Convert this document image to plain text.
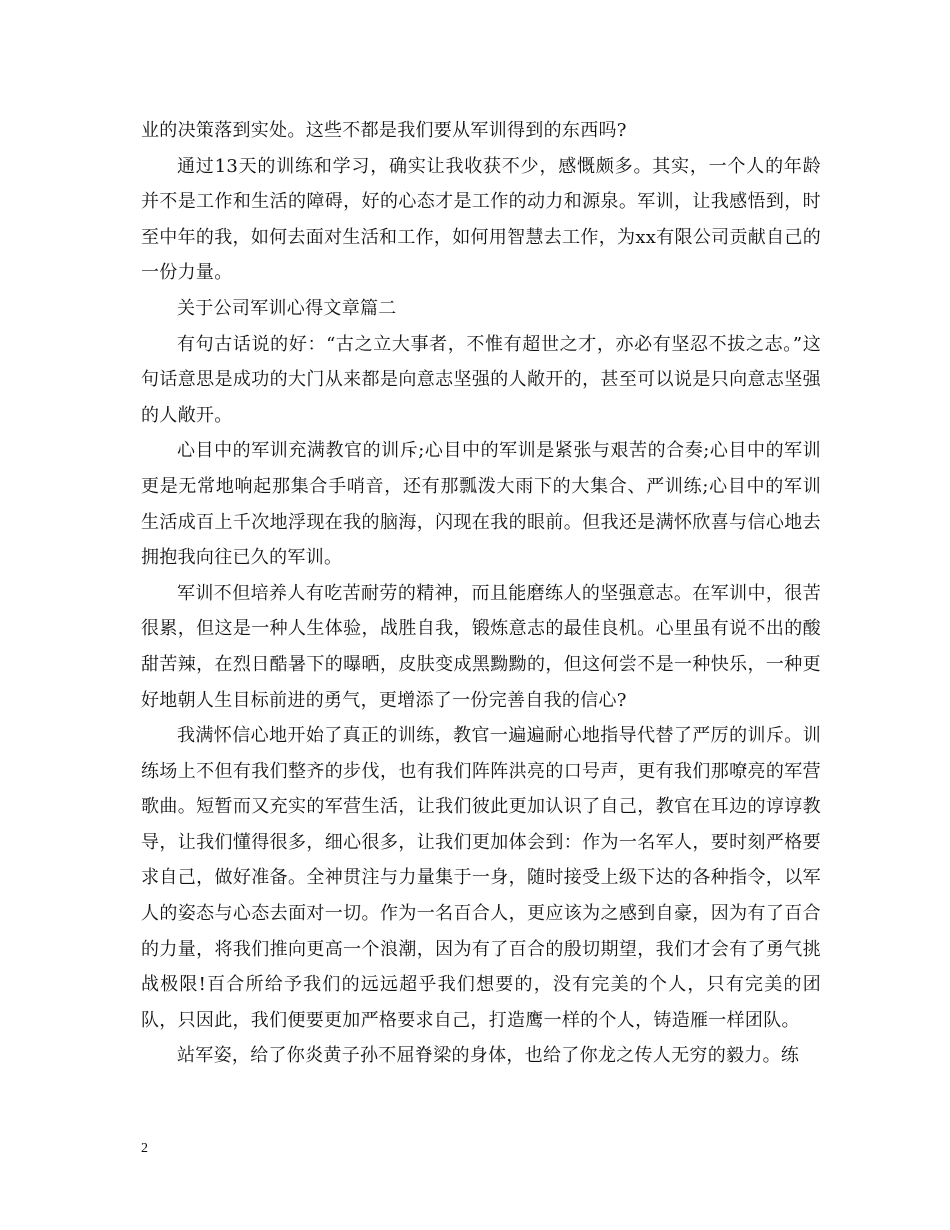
业的决策落到实处。这些不都是我们要从军训得到的东西吗?

通过13天的训练和学习，确实让我收获不少，感慨颇多。其实，一个人的年龄并不是工作和生活的障碍，好的心态才是工作的动力和源泉。军训，让我感悟到，时至中年的我，如何去面对生活和工作，如何用智慧去工作，为xx有限公司贡献自己的一份力量。

关于公司军训心得文章篇二

有句古话说的好：“古之立大事者，不惟有超世之才，亦必有坚忍不拔之志。”这句话意思是成功的大门从来都是向意志坚强的人敞开的，甚至可以说是只向意志坚强的人敞开。

心目中的军训充满教官的训斥;心目中的军训是紧张与艰苦的合奏;心目中的军训更是无常地响起那集合手哨音，还有那瓢泼大雨下的大集合、严训练;心目中的军训生活成百上千次地浮现在我的脑海，闪现在我的眼前。但我还是满怀欣喜与信心地去拥抱我向往已久的军训。

军训不但培养人有吃苦耐劳的精神，而且能磨练人的坚强意志。在军训中，很苦很累，但这是一种人生体验，战胜自我，锻炼意志的最佳良机。心里虽有说不出的酸甜苦辣，在烈日酷暑下的曝晒，皮肤变成黑黝黝的，但这何尝不是一种快乐，一种更好地朝人生目标前进的勇气，更增添了一份完善自我的信心?

我满怀信心地开始了真正的训练，教官一遍遍耐心地指导代替了严厉的训斥。训练场上不但有我们整齐的步伐，也有我们阵阵洪亮的口号声，更有我们那嘹亮的军营歌曲。短暂而又充实的军营生活，让我们彼此更加认识了自己，教官在耳边的谆谆教导，让我们懂得很多，细心很多，让我们更加体会到：作为一名军人，要时刻严格要求自己，做好准备。全神贯注与力量集于一身，随时接受上级下达的各种指令，以军人的姿态与心态去面对一切。作为一名百合人，更应该为之感到自豪，因为有了百合的力量，将我们推向更高一个浪潮，因为有了百合的殷切期望，我们才会有了勇气挑战极限!百合所给予我们的远远超乎我们想要的，没有完美的个人，只有完美的团队，只因此，我们便要更加严格要求自己，打造鹰一样的个人，铸造雁一样团队。

站军姿，给了你炎黄子孙不屈脊梁的身体，也给了你龙之传人无穷的毅力。练

2
